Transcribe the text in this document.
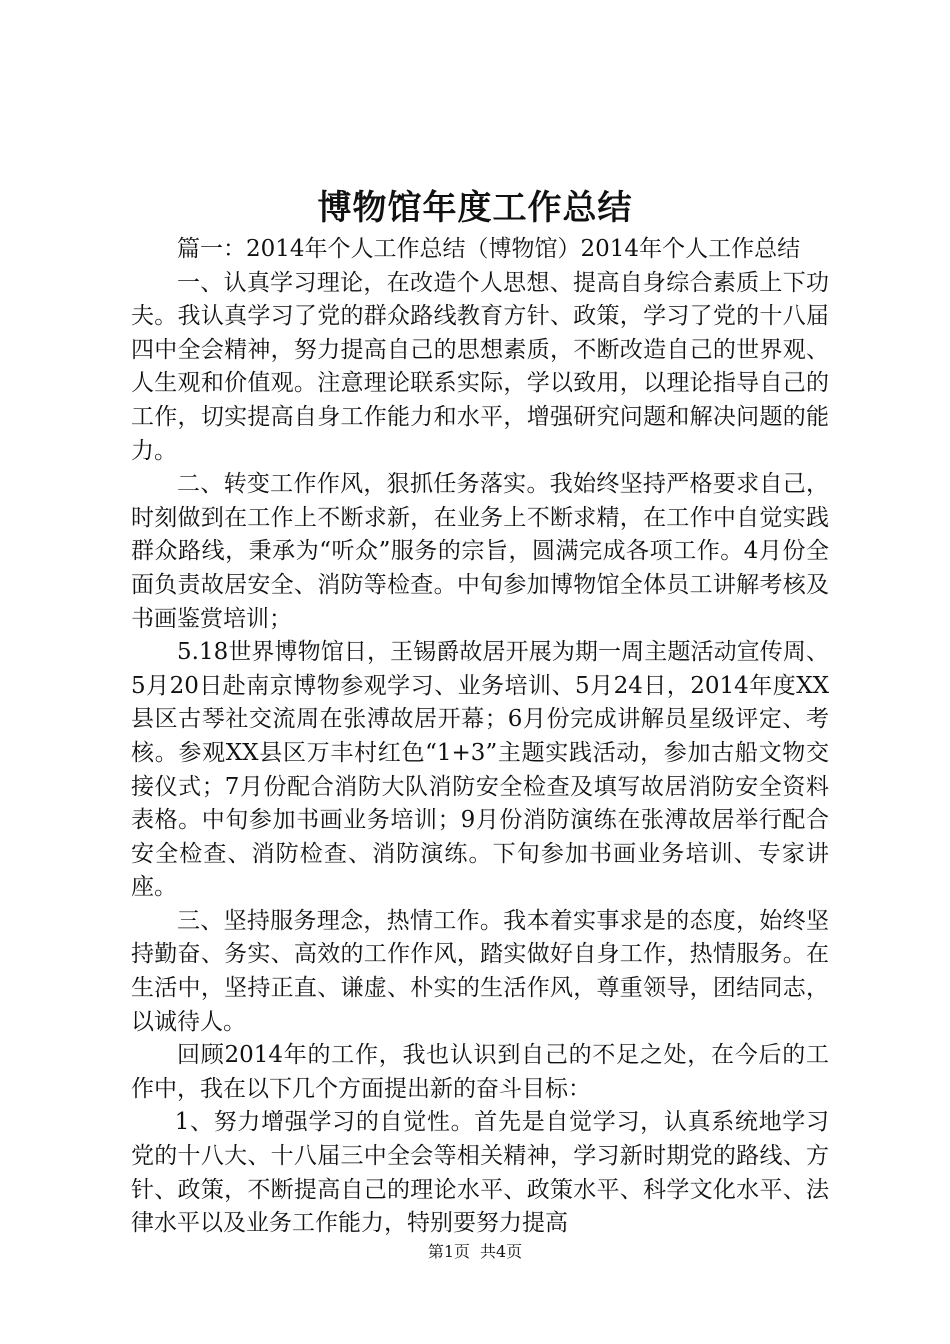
博物馆年度工作总结

篇一：2014年个人工作总结（博物馆）2014年个人工作总结

一、认真学习理论，在改造个人思想、提高自身综合素质上下功夫。我认真学习了党的群众路线教育方针、政策，学习了党的十八届四中全会精神，努力提高自己的思想素质，不断改造自己的世界观、人生观和价值观。注意理论联系实际，学以致用，以理论指导自己的工作，切实提高自身工作能力和水平，增强研究问题和解决问题的能力。

二、转变工作作风，狠抓任务落实。我始终坚持严格要求自己，时刻做到在工作上不断求新，在业务上不断求精，在工作中自觉实践群众路线，秉承为“听众”服务的宗旨，圆满完成各项工作。4月份全面负责故居安全、消防等检查。中旬参加博物馆全体员工讲解考核及书画鉴赏培训；

5.18世界博物馆日，王锡爵故居开展为期一周主题活动宣传周、5月20日赴南京博物参观学习、业务培训、5月24日，2014年度XX县区古琴社交流周在张溥故居开幕；6月份完成讲解员星级评定、考核。参观XX县区万丰村红色“1+3”主题实践活动，参加古船文物交接仪式；7月份配合消防大队消防安全检查及填写故居消防安全资料表格。中旬参加书画业务培训；9月份消防演练在张溥故居举行配合安全检查、消防检查、消防演练。下旬参加书画业务培训、专家讲座。

三、坚持服务理念，热情工作。我本着实事求是的态度，始终坚持勤奋、务实、高效的工作作风，踏实做好自身工作，热情服务。在生活中，坚持正直、谦虚、朴实的生活作风，尊重领导，团结同志，以诚待人。

回顾2014年的工作，我也认识到自己的不足之处，在今后的工作中，我在以下几个方面提出新的奋斗目标：

1、努力增强学习的自觉性。首先是自觉学习，认真系统地学习党的十八大、十八届三中全会等相关精神，学习新时期党的路线、方针、政策，不断提高自己的理论水平、政策水平、科学文化水平、法律水平以及业务工作能力，特别要努力提高

第1页 共4页
